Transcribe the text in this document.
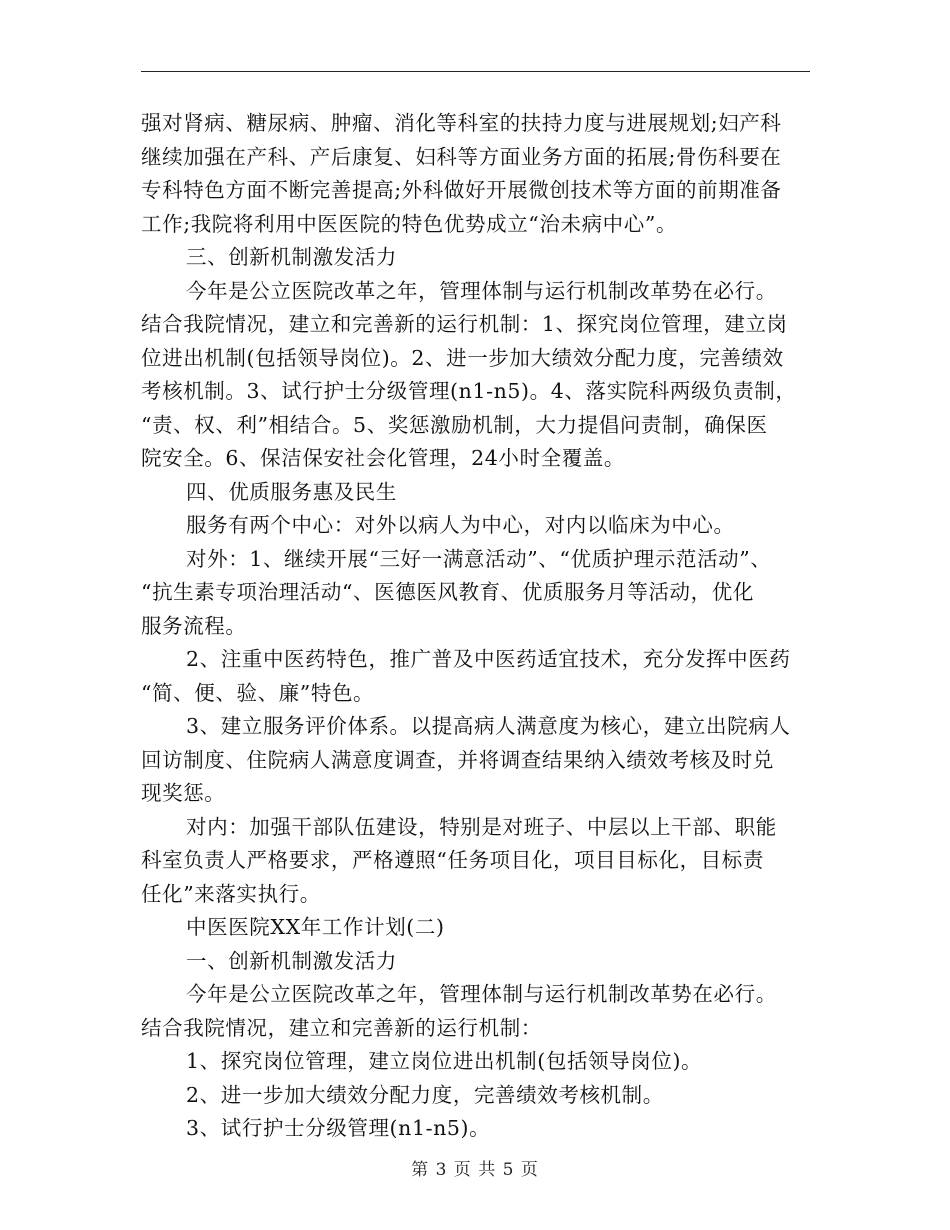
强对肾病、糖尿病、肿瘤、消化等科室的扶持力度与进展规划;妇产科
继续加强在产科、产后康复、妇科等方面业务方面的拓展;骨伤科要在
专科特色方面不断完善提高;外科做好开展微创技术等方面的前期准备
工作;我院将利用中医医院的特色优势成立“治未病中心”。
三、创新机制激发活力
今年是公立医院改革之年，管理体制与运行机制改革势在必行。
结合我院情况，建立和完善新的运行机制：1、探究岗位管理，建立岗
位进出机制(包括领导岗位)。2、进一步加大绩效分配力度，完善绩效
考核机制。3、试行护士分级管理(n1-n5)。4、落实院科两级负责制，
“责、权、利”相结合。5、奖惩激励机制，大力提倡问责制，确保医
院安全。6、保洁保安社会化管理，24小时全覆盖。
四、优质服务惠及民生
服务有两个中心：对外以病人为中心，对内以临床为中心。
对外：1、继续开展“三好一满意活动”、“优质护理示范活动”、
“抗生素专项治理活动“、医德医风教育、优质服务月等活动，优化
服务流程。
2、注重中医药特色，推广普及中医药适宜技术，充分发挥中医药
“简、便、验、廉”特色。
3、建立服务评价体系。以提高病人满意度为核心，建立出院病人
回访制度、住院病人满意度调查，并将调查结果纳入绩效考核及时兑
现奖惩。
对内：加强干部队伍建设，特别是对班子、中层以上干部、职能
科室负责人严格要求，严格遵照“任务项目化，项目目标化，目标责
任化”来落实执行。
中医医院XX年工作计划(二)
一、创新机制激发活力
今年是公立医院改革之年，管理体制与运行机制改革势在必行。
结合我院情况，建立和完善新的运行机制：
1、探究岗位管理，建立岗位进出机制(包括领导岗位)。
2、进一步加大绩效分配力度，完善绩效考核机制。
3、试行护士分级管理(n1-n5)。
第 3 页 共 5 页
